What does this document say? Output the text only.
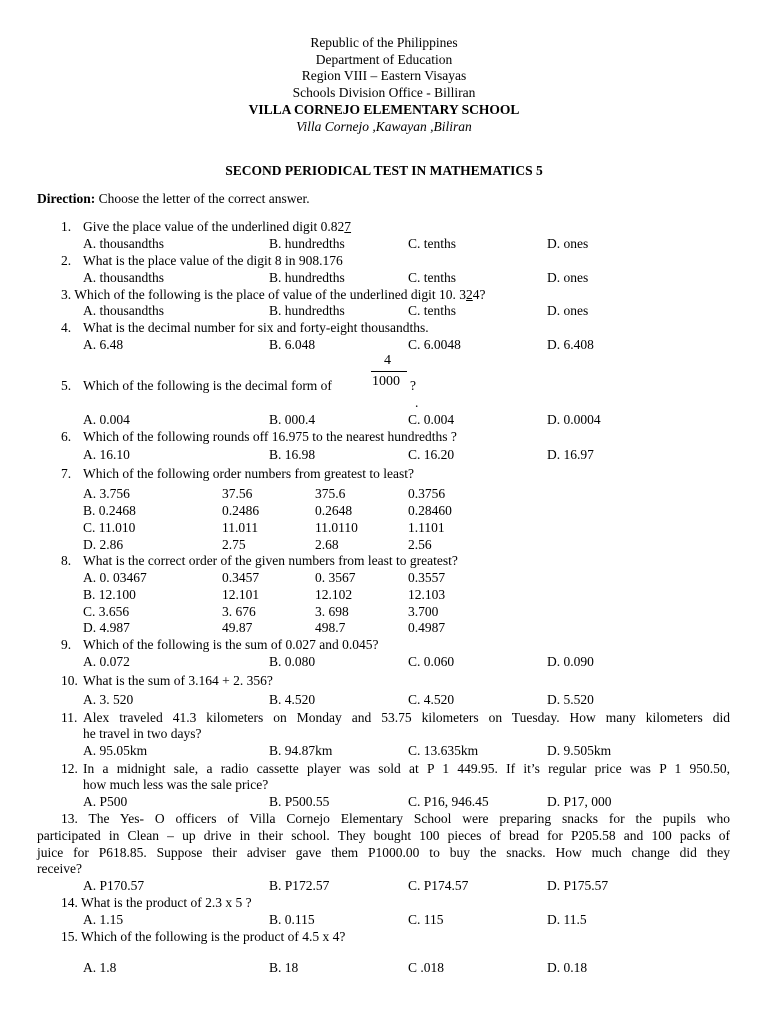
Republic of the Philippines
Department of Education
Region VIII – Eastern Visayas
Schools Division Office - Billiran
VILLA CORNEJO ELEMENTARY SCHOOL
Villa Cornejo ,Kawayan ,Biliran
SECOND PERIODICAL TEST IN MATHEMATICS 5
Direction: Choose the letter of the correct answer.
1. Give the place value of the underlined digit 0.827
A. thousandths	B. hundredths	C. tenths	D. ones
2. What is the place value of the digit 8 in 908.176
A. thousandths	B. hundredths	C. tenths	D. ones
3. Which of the following is the place of value of the underlined digit 10. 324?
A. thousandths	B. hundredths	C. tenths	D. ones
4. What is the decimal number for six and forty-eight thousandths.
A. 6.48	B. 6.048	C. 6.0048	D. 6.408
4
1000
5. Which of the following is the decimal form of	?
.
A. 0.004	B. 000.4	C. 0.004	D. 0.0004
6. Which of the following rounds off 16.975 to the nearest hundredths ?
A. 16.10	B. 16.98	C. 16.20	D. 16.97
7. Which of the following order numbers from greatest to least?
A. 3.756	37.56	375.6	0.3756
B. 0.2468	0.2486	0.2648	0.28460
C. 11.010	11.011	11.0110	1.1101
D. 2.86	2.75	2.68	2.56
8. What is the correct order of the given numbers from least to greatest?
A. 0. 03467	0.3457	0. 3567	0.3557
B. 12.100	12.101	12.102	12.103
C. 3.656	3. 676	3. 698	3.700
D. 4.987	49.87	498.7	0.4987
9. Which of the following is the sum of 0.027 and 0.045?
A. 0.072	B. 0.080	C. 0.060	D. 0.090
10. What is the sum of 3.164 + 2. 356?
A. 3. 520	B. 4.520	C. 4.520	D. 5.520
11. Alex traveled 41.3 kilometers on Monday and 53.75 kilometers on Tuesday. How many kilometers did
he travel in two days?
A. 95.05km	B. 94.87km	C. 13.635km	D. 9.505km
12. In a midnight sale, a radio cassette player was sold at P 1 449.95. If it’s regular price was P 1 950.50,
how much less was the sale price?
A. P500	B. P500.55	C. P16, 946.45	D. P17, 000
13. The Yes- O officers of Villa Cornejo Elementary School were preparing snacks for the pupils who
participated in Clean – up drive in their school. They bought 100 pieces of bread for P205.58 and 100 packs of
juice for P618.85. Suppose their adviser gave them P1000.00 to buy the snacks. How much change did they
receive?
A. P170.57	B. P172.57	C. P174.57	D. P175.57
14. What is the product of 2.3 x 5 ?
A. 1.15	B. 0.115	C. 115	D. 11.5
15. Which of the following is the product of 4.5 x 4?
A. 1.8	B. 18	C .018	D. 0.18
